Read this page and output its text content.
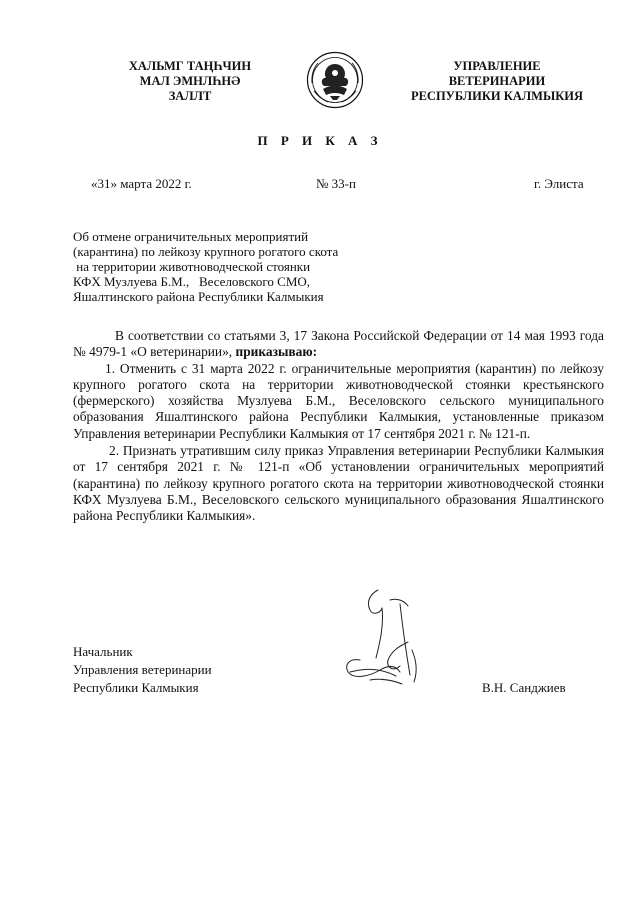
ХАЛЬМГ ТАҢҺЧИН
МАЛ ЭМНЛҺНӘ
ЗАЛЛТ
УПРАВЛЕНИЕ
ВЕТЕРИНАРИИ
РЕСПУБЛИКИ КАЛМЫКИЯ
П Р И К А З
«31» марта 2022 г.	№ 33-п	г. Элиста
Об отмене ограничительных мероприятий
(карантина) по лейкозу крупного рогатого скота
на территории животноводческой стоянки
КФХ Музлуева Б.М.,   Веселовского СМО,
Яшалтинского района Республики Калмыкия

В соответствии со статьями 3, 17 Закона Российской Федерации от 14 мая 1993 года № 4979-1 «О ветеринарии», приказываю:

1. Отменить с 31 марта 2022 г. ограничительные мероприятия (карантин) по лейкозу крупного рогатого скота на территории животноводческой стоянки крестьянского (фермерского) хозяйства Музлуева Б.М., Веселовского сельского муниципального образования Яшалтинского района Республики Калмыкия, установленные приказом Управления ветеринарии Республики Калмыкия от 17 сентября 2021 г. № 121-п.

2. Признать утратившим силу приказ Управления ветеринарии Республики Калмыкия от 17 сентября 2021 г. № 121-п «Об установлении ограничительных мероприятий (карантина) по лейкозу крупного рогатого скота на территории животноводческой стоянки КФХ Музлуева Б.М., Веселовского сельского муниципального образования Яшалтинского района Республики Калмыкия».

Начальник
Управления ветеринарии
Республики Калмыкия	В.Н. Санджиев
